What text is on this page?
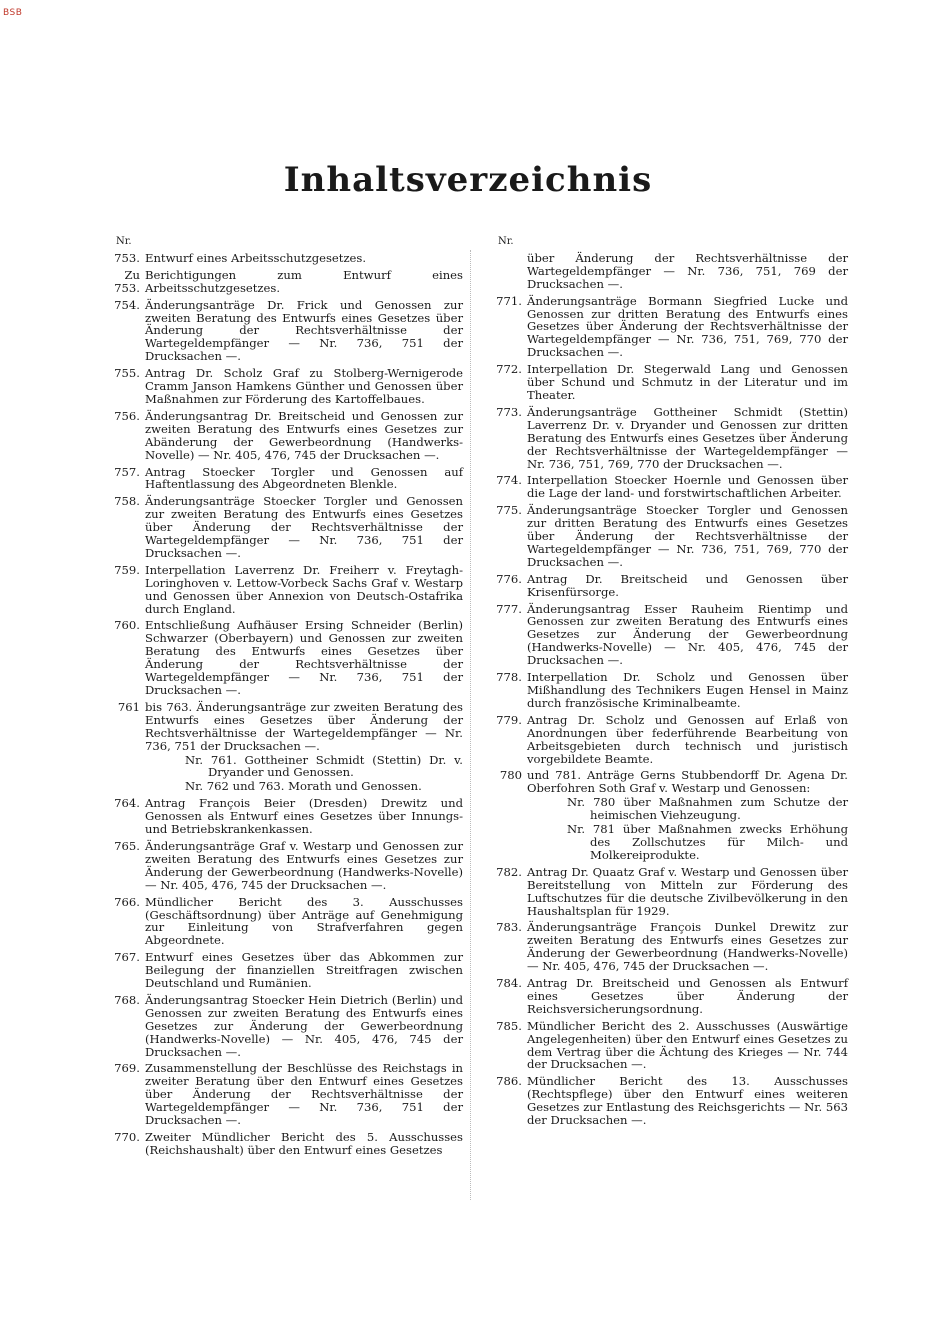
BSB
Inhaltsverzeichnis
Nr.
753. Entwurf eines Arbeitsschutzgesetzes.
Zu 753.
Berichtigungen zum Entwurf eines Arbeitsschutzgesetzes.
754. Änderungsanträge Dr. Frick und Genossen zur zweiten Beratung des Entwurfs eines Gesetzes über Änderung der Rechtsverhältnisse der Wartegeldempfänger — Nr. 736, 751 der Drucksachen —.
755. Antrag Dr. Scholz Graf zu Stolberg-Wernigerode Cramm Janson Hamkens Günther und Genossen über Maßnahmen zur Förderung des Kartoffelbaues.
756. Änderungsantrag Dr. Breitscheid und Genossen zur zweiten Beratung des Entwurfs eines Gesetzes zur Abänderung der Gewerbeordnung (Handwerks-Novelle) — Nr. 405, 476, 745 der Drucksachen —.
757. Antrag Stoecker Torgler und Genossen auf Haftentlassung des Abgeordneten Blenkle.
758. Änderungsanträge Stoecker Torgler und Genossen zur zweiten Beratung des Entwurfs eines Gesetzes über Änderung der Rechtsverhältnisse der Wartegeldempfänger — Nr. 736, 751 der Drucksachen —.
759. Interpellation Laverrenz Dr. Freiherr v. Freytagh-Loringhoven v. Lettow-Vorbeck Sachs Graf v. Westarp und Genossen über Annexion von Deutsch-Ostafrika durch England.
760. Entschließung Aufhäuser Ersing Schneider (Berlin) Schwarzer (Oberbayern) und Genossen zur zweiten Beratung des Entwurfs eines Gesetzes über Änderung der Rechtsverhältnisse der Wartegeldempfänger — Nr. 736, 751 der Drucksachen —.
761 bis 763. Änderungsanträge zur zweiten Beratung des Entwurfs eines Gesetzes über Änderung der Rechtsverhältnisse der Wartegeldempfänger — Nr. 736, 751 der Drucksachen —.
Nr. 761. Gottheiner Schmidt (Stettin) Dr. v. Dryander und Genossen.
Nr. 762 und 763. Morath und Genossen.
764. Antrag François Beier (Dresden) Drewitz und Genossen als Entwurf eines Gesetzes über Innungs- und Betriebskrankenkassen.
765. Änderungsanträge Graf v. Westarp und Genossen zur zweiten Beratung des Entwurfs eines Gesetzes zur Änderung der Gewerbeordnung (Handwerks-Novelle) — Nr. 405, 476, 745 der Drucksachen —.
766. Mündlicher Bericht des 3. Ausschusses (Geschäftsordnung) über Anträge auf Genehmigung zur Einleitung von Strafverfahren gegen Abgeordnete.
767. Entwurf eines Gesetzes über das Abkommen zur Beilegung der finanziellen Streitfragen zwischen Deutschland und Rumänien.
768. Änderungsantrag Stoecker Hein Dietrich (Berlin) und Genossen zur zweiten Beratung des Entwurfs eines Gesetzes zur Änderung der Gewerbeordnung (Handwerks-Novelle) — Nr. 405, 476, 745 der Drucksachen —.
769. Zusammenstellung der Beschlüsse des Reichstags in zweiter Beratung über den Entwurf eines Gesetzes über Änderung der Rechtsverhältnisse der Wartegeldempfänger — Nr. 736, 751 der Drucksachen —.
770. Zweiter Mündlicher Bericht des 5. Ausschusses (Reichshaushalt) über den Entwurf eines Gesetzes
Nr.
über Änderung der Rechtsverhältnisse der Wartegeldempfänger — Nr. 736, 751, 769 der Drucksachen —.
771. Änderungsanträge Bormann Siegfried Lucke und Genossen zur dritten Beratung des Entwurfs eines Gesetzes über Änderung der Rechtsverhältnisse der Wartegeldempfänger — Nr. 736, 751, 769, 770 der Drucksachen —.
772. Interpellation Dr. Stegerwald Lang und Genossen über Schund und Schmutz in der Literatur und im Theater.
773. Änderungsanträge Gottheiner Schmidt (Stettin) Laverrenz Dr. v. Dryander und Genossen zur dritten Beratung des Entwurfs eines Gesetzes über Änderung der Rechtsverhältnisse der Wartegeldempfänger — Nr. 736, 751, 769, 770 der Drucksachen —.
774. Interpellation Stoecker Hoernle und Genossen über die Lage der land- und forstwirtschaftlichen Arbeiter.
775. Änderungsanträge Stoecker Torgler und Genossen zur dritten Beratung des Entwurfs eines Gesetzes über Änderung der Rechtsverhältnisse der Wartegeldempfänger — Nr. 736, 751, 769, 770 der Drucksachen —.
776. Antrag Dr. Breitscheid und Genossen über Krisenfürsorge.
777. Änderungsantrag Esser Rauheim Rientimp und Genossen zur zweiten Beratung des Entwurfs eines Gesetzes zur Änderung der Gewerbeordnung (Handwerks-Novelle) — Nr. 405, 476, 745 der Drucksachen —.
778. Interpellation Dr. Scholz und Genossen über Mißhandlung des Technikers Eugen Hensel in Mainz durch französische Kriminalbeamte.
779. Antrag Dr. Scholz und Genossen auf Erlaß von Anordnungen über federführende Bearbeitung von Arbeitsgebieten durch technisch und juristisch vorgebildete Beamte.
780 und 781. Anträge Gerns Stubbendorff Dr. Agena Dr. Oberfohren Soth Graf v. Westarp und Genossen:
Nr. 780 über Maßnahmen zum Schutze der heimischen Viehzeugung.
Nr. 781 über Maßnahmen zwecks Erhöhung des Zollschutzes für Milch- und Molkereiprodukte.
782. Antrag Dr. Quaatz Graf v. Westarp und Genossen über Bereitstellung von Mitteln zur Förderung des Luftschutzes für die deutsche Zivilbevölkerung in den Haushaltsplan für 1929.
783. Änderungsanträge François Dunkel Drewitz zur zweiten Beratung des Entwurfs eines Gesetzes zur Änderung der Gewerbeordnung (Handwerks-Novelle) — Nr. 405, 476, 745 der Drucksachen —.
784. Antrag Dr. Breitscheid und Genossen als Entwurf eines Gesetzes über Änderung der Reichsversicherungsordnung.
785. Mündlicher Bericht des 2. Ausschusses (Auswärtige Angelegenheiten) über den Entwurf eines Gesetzes zu dem Vertrag über die Ächtung des Krieges — Nr. 744 der Drucksachen —.
786. Mündlicher Bericht des 13. Ausschusses (Rechtspflege) über den Entwurf eines weiteren Gesetzes zur Entlastung des Reichsgerichts — Nr. 563 der Drucksachen —.
